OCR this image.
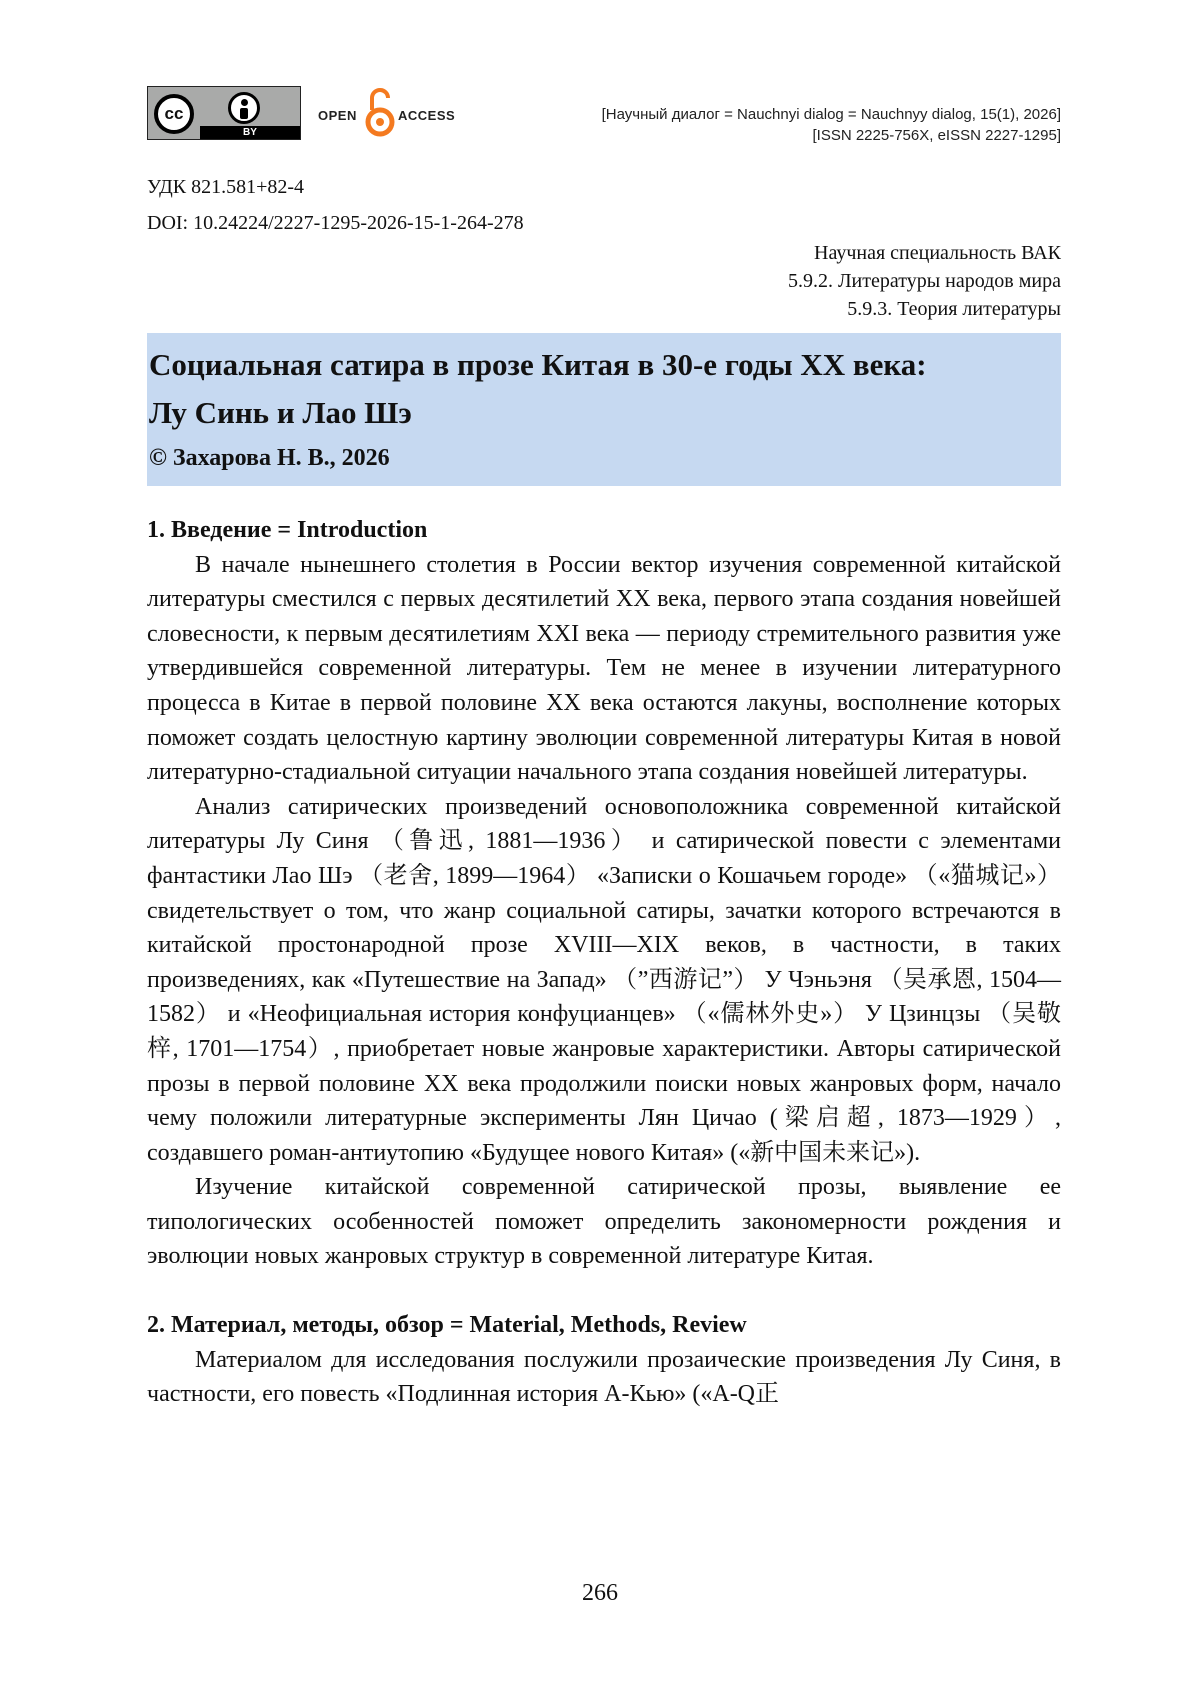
cc
BY
OPEN	ACCESS	[Научный диалог = Nauchnyi dialog = Nauchnyy dialog, 15(1), 2026]
[ISSN 2225-756X, eISSN 2227-1295]
УДК 821.581+82-4
DOI: 10.24224/2227-1295-2026-15-1-264-278
Научная специальность ВАК
5.9.2. Литературы народов мира
5.9.3. Теория литературы
Социальная сатира в прозе Китая в 30-е годы XX века:
Лу Синь и Лао Шэ
© Захарова Н. В., 2026
1. Введение = Introduction

В начале нынешнего столетия в России вектор изучения современной китайской литературы сместился с первых десятилетий XX века, первого этапа создания новейшей словесности, к первым десятилетиям XXI века — периоду стремительного развития уже утвердившейся современной литературы. Тем не менее в изучении литературного процесса в Китае в первой половине XX века остаются лакуны, восполнение которых поможет создать целостную картину эволюции современной литературы Китая в новой литературно-стадиальной ситуации начального этапа создания новейшей литературы.

Анализ сатирических произведений основоположника современной китайской литературы Лу Синя （鲁迅, 1881—1936） и сатирической повести с элементами фантастики Лао Шэ （老舍, 1899—1964） «Записки о Кошачьем городе» （«猫城记»） свидетельствует о том, что жанр социальной сатиры, зачатки которого встречаются в китайской простонародной прозе XVIII—XIX веков, в частности, в таких произведениях, как «Путешествие на Запад» （”西游记”） У Чэньэня （吴承恩, 1504—1582） и «Неофициальная история конфуцианцев» （«儒林外史»） У Цзинцзы （吴敬梓, 1701—1754）, приобретает новые жанровые характеристики. Авторы сатирической прозы в первой половине XX века продолжили поиски новых жанровых форм, начало чему положили литературные эксперименты Лян Цичао (梁启超, 1873—1929）, создавшего роман-антиутопию «Будущее нового Китая» («新中国未来记»).

Изучение китайской современной сатирической прозы, выявление ее типологических особенностей поможет определить закономерности рождения и эволюции новых жанровых структур в современной литературе Китая.

2. Материал, методы, обзор = Material, Methods, Review

Материалом для исследования послужили прозаические произведения Лу Синя, в частности, его повесть «Подлинная история А-Кью» («А-Q正

266
